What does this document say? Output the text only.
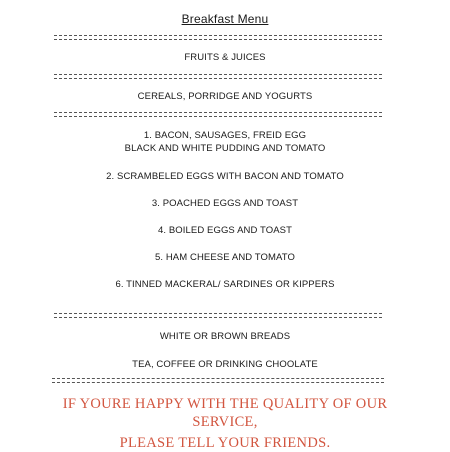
Breakfast Menu
FRUITS & JUICES
CEREALS, PORRIDGE AND YOGURTS
1. BACON, SAUSAGES, FREID EGG
BLACK AND WHITE PUDDING AND TOMATO
2. SCRAMBELED EGGS WITH BACON AND TOMATO
3. POACHED EGGS AND TOAST
4. BOILED EGGS AND TOAST
5. HAM CHEESE AND TOMATO
6. TINNED MACKERAL/ SARDINES OR KIPPERS
WHITE OR BROWN BREADS
TEA, COFFEE OR DRINKING CHOOLATE
IF YOURE HAPPY WITH THE QUALITY OF OUR
SERVICE,
PLEASE TELL YOUR FRIENDS.
